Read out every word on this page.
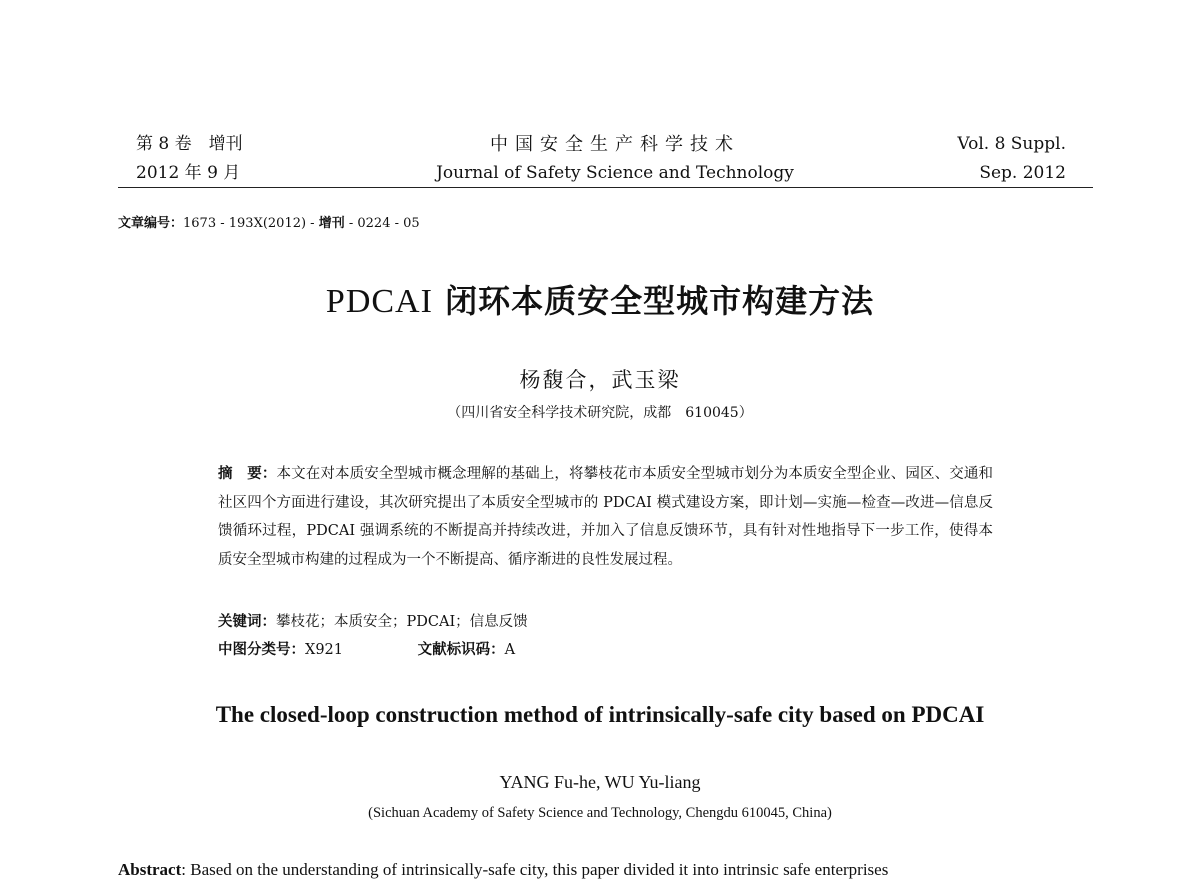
第 8 卷　增刊
2012 年 9 月
中国安全生产科学技术
Journal of Safety Science and Technology
Vol. 8 Suppl.
Sep. 2012
文章编号：1673 - 193X(2012) - 增刊 - 0224 - 05
PDCAI 闭环本质安全型城市构建方法
杨馥合，武玉梁
（四川省安全科学技术研究院，成都　610045）
摘　要：本文在对本质安全型城市概念理解的基础上，将攀枝花市本质安全型城市划分为本质安全型企业、园区、交通和社区四个方面进行建设，其次研究提出了本质安全型城市的 PDCAI 模式建设方案，即计划—实施—检查—改进—信息反馈循环过程，PDCAI 强调系统的不断提高并持续改进，并加入了信息反馈环节，具有针对性地指导下一步工作，使得本质安全型城市构建的过程成为一个不断提高、循序渐进的良性发展过程。
关键词：攀枝花；本质安全；PDCAI；信息反馈
中图分类号：X921	文献标识码：A
The closed-loop construction method of intrinsically-safe city based on PDCAI
YANG Fu-he, WU Yu-liang
(Sichuan Academy of Safety Science and Technology, Chengdu 610045, China)
Abstract: Based on the understanding of intrinsically-safe city, this paper divided it into intrinsic safe enterprises
